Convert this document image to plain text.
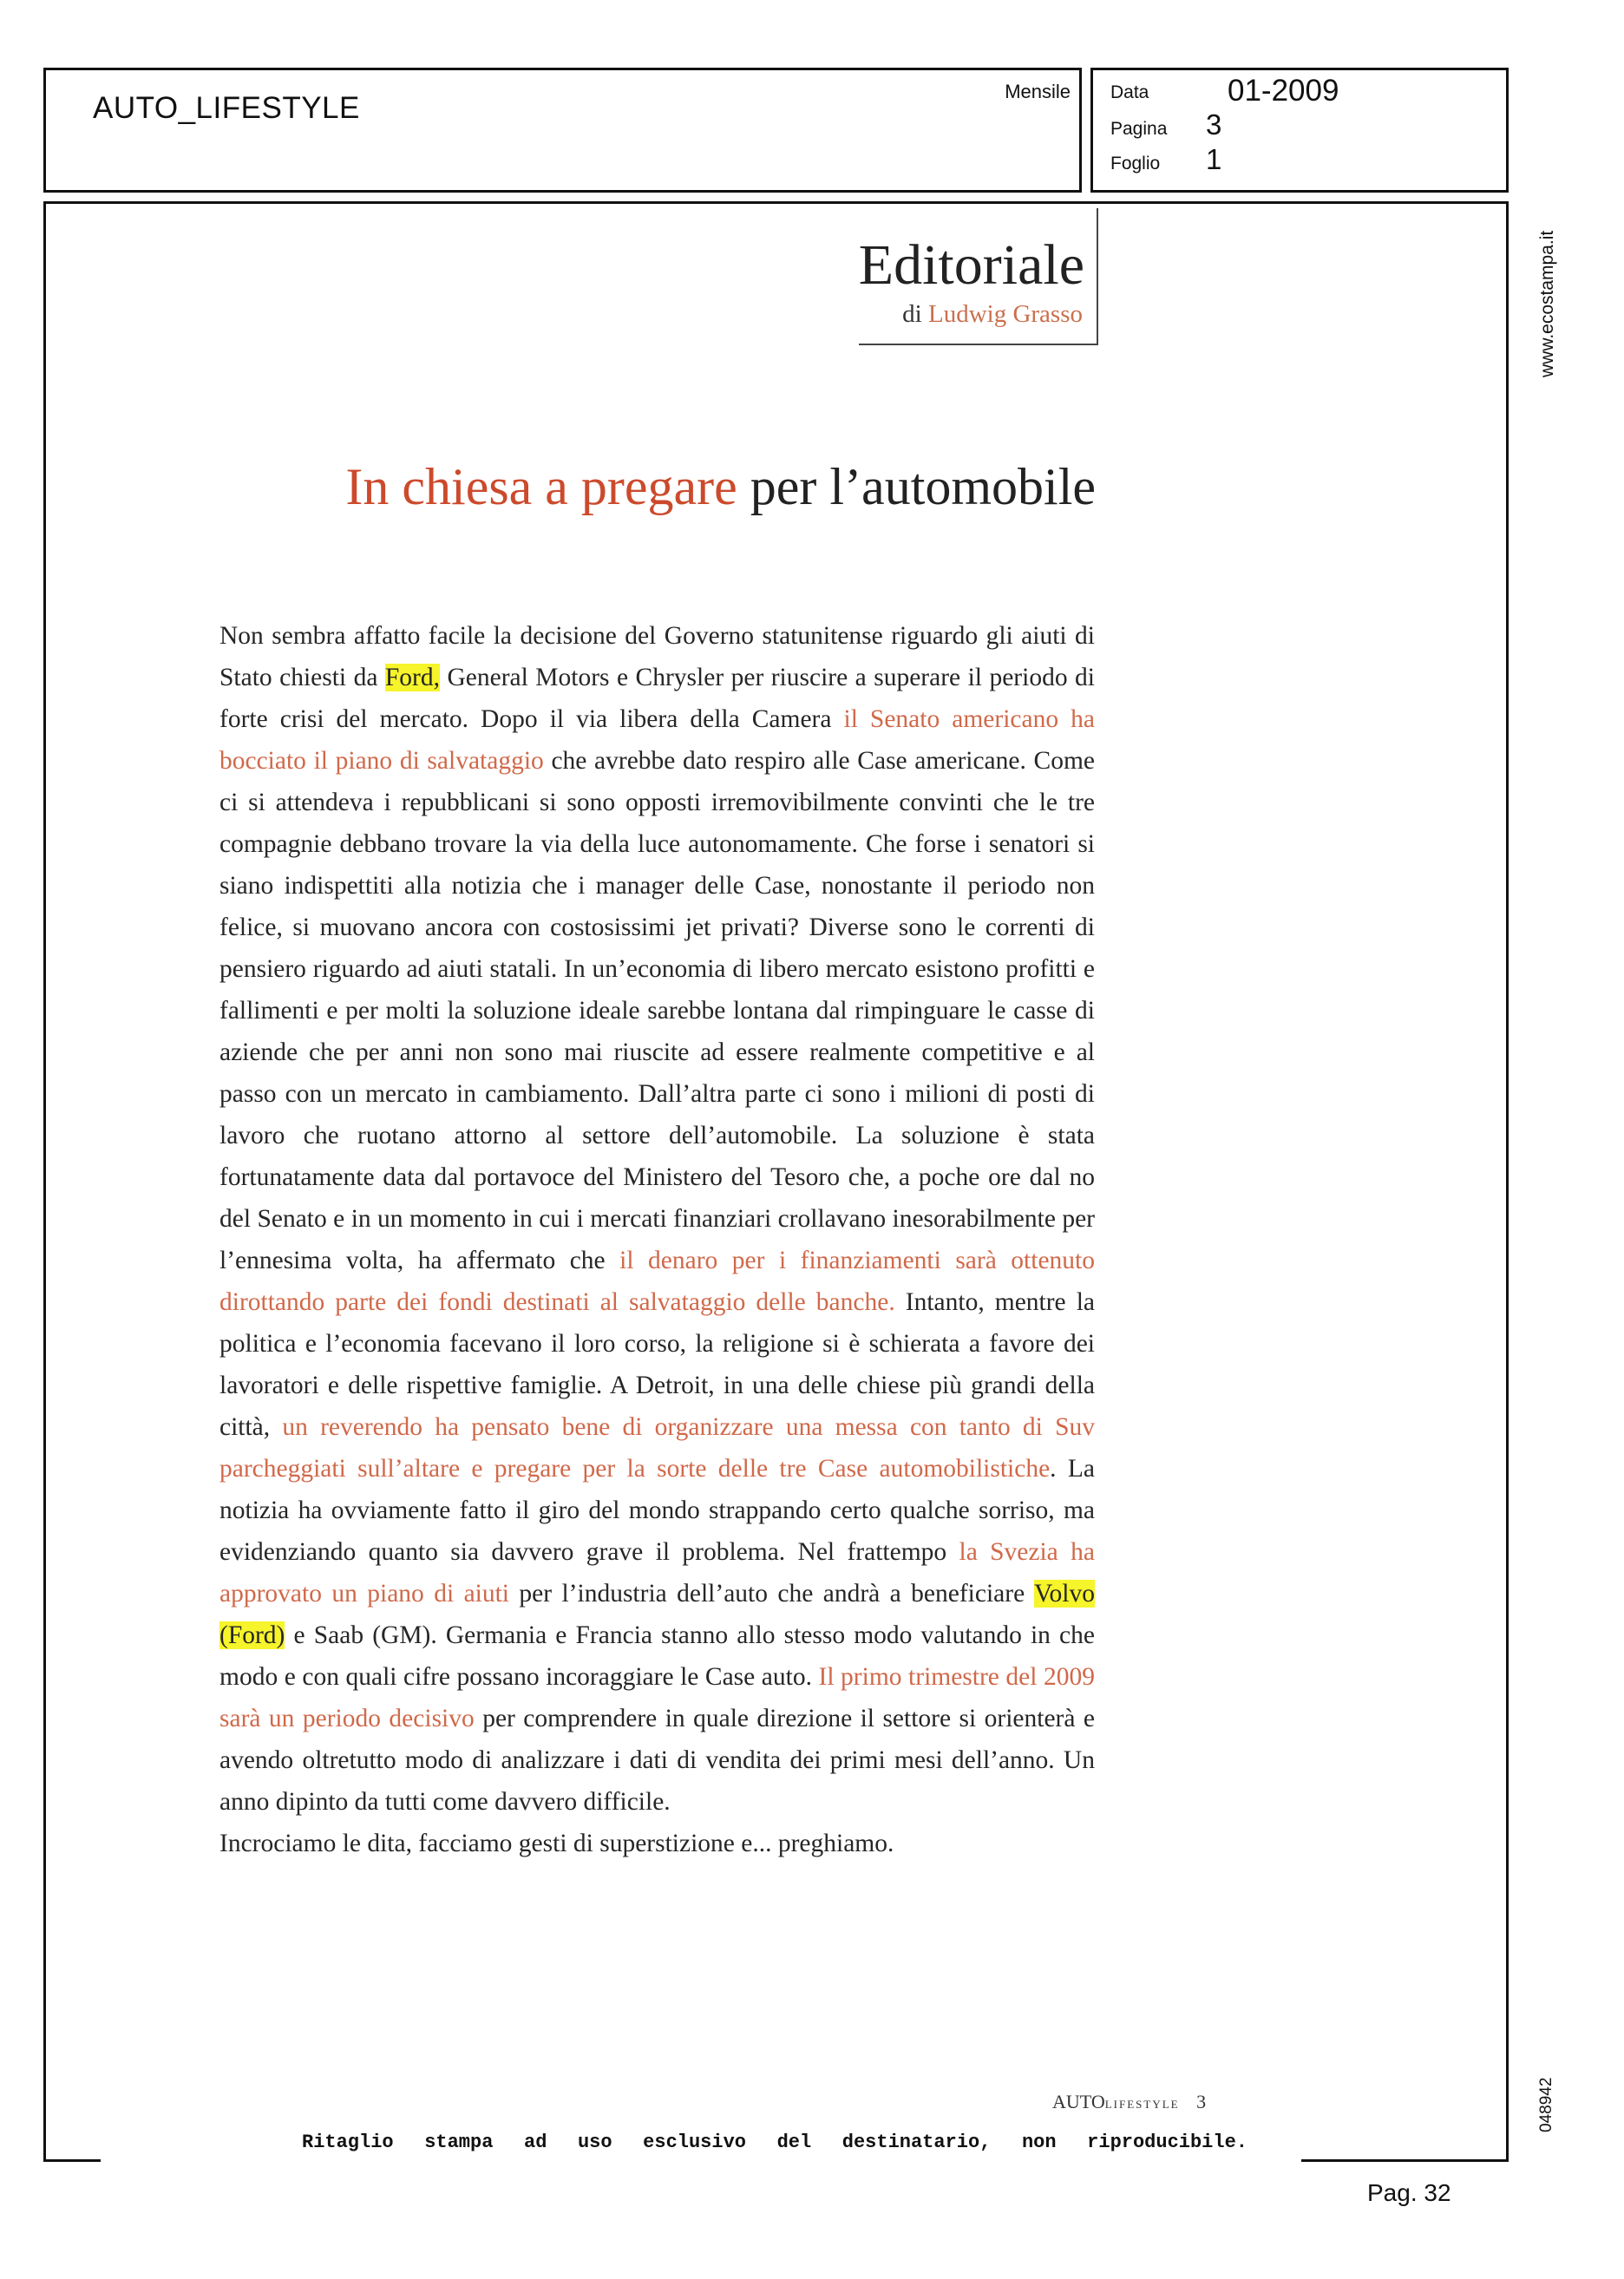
AUTO_LIFESTYLE	Mensile Data	01-2009
Pagina 3
Foglio 1
www.ecostampa.it
048942
Editoriale
di Ludwig Grasso
In chiesa a pregare per l’automobile

Non sembra affatto facile la decisione del Governo statunitense riguardo gli aiuti di Stato chiesti da Ford, General Motors e Chrysler per riuscire a superare il periodo di forte crisi del mercato. Dopo il via libera della Camera il Senato americano ha bocciato il piano di salvataggio che avrebbe dato respiro alle Case americane. Come ci si attendeva i repubblicani si sono opposti irremovibilmente convinti che le tre compagnie debbano trovare la via della luce autonomamente. Che forse i senatori si siano indispettiti alla notizia che i manager delle Case, nonostante il periodo non felice, si muovano ancora con costosissimi jet privati? Diverse sono le correnti di pensiero riguardo ad aiuti statali. In un’economia di libero mercato esistono profitti e fallimenti e per molti la soluzione ideale sarebbe lontana dal rimpinguare le casse di aziende che per anni non sono mai riuscite ad essere realmente competitive e al passo con un mercato in cambiamento. Dall’altra parte ci sono i milioni di posti di lavoro che ruotano attorno al settore dell’automobile. La soluzione è stata fortunatamente data dal portavoce del Ministero del Tesoro che, a poche ore dal no del Senato e in un momento in cui i mercati finanziari crollavano inesorabilmente per l’ennesima volta, ha affermato che il denaro per i finanziamenti sarà ottenuto dirottando parte dei fondi destinati al salvataggio delle banche. Intanto, mentre la politica e l’economia facevano il loro corso, la religione si è schierata a favore dei lavoratori e delle rispettive famiglie. A Detroit, in una delle chiese più grandi della città, un reverendo ha pensato bene di organizzare una messa con tanto di Suv parcheggiati sull’altare e pregare per la sorte delle tre Case automobilistiche. La notizia ha ovviamente fatto il giro del mondo strappando certo qualche sorriso, ma evidenziando quanto sia davvero grave il problema. Nel frattempo la Svezia ha approvato un piano di aiuti per l’industria dell’auto che andrà a beneficiare Volvo (Ford) e Saab (GM). Germania e Francia stanno allo stesso modo valutando in che modo e con quali cifre possano incoraggiare le Case auto. Il primo trimestre del 2009 sarà un periodo decisivo per comprendere in quale direzione il settore si orienterà e avendo oltretutto modo di analizzare i dati di vendita dei primi mesi dell’anno. Un anno dipinto da tutti come davvero difficile.

Incrociamo le dita, facciamo gesti di superstizione e... preghiamo.

AUTOLIFESTYLE 3
Ritaglio stampa ad uso esclusivo del destinatario, non riproducibile.
Pag. 32
